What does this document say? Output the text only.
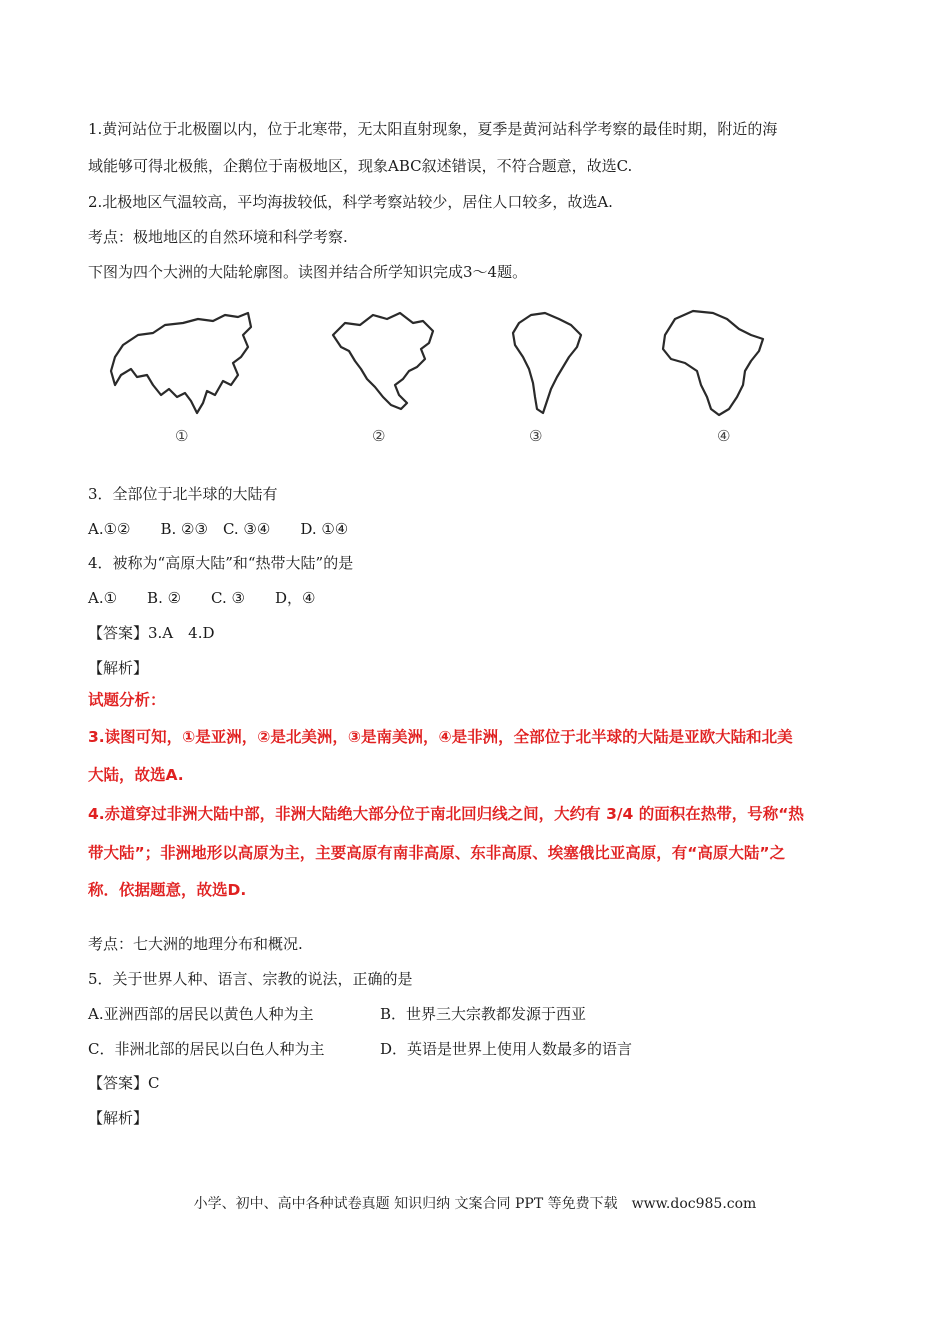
1.黄河站位于北极圈以内，位于北寒带，无太阳直射现象，夏季是黄河站科学考察的最佳时期，附近的海
域能够可得北极熊，企鹅位于南极地区，现象ABC叙述错误，不符合题意，故选C.
2.北极地区气温较高，平均海拔较低，科学考察站较少，居住人口较多，故选A.
考点：极地地区的自然环境和科学考察.
下图为四个大洲的大陆轮廓图。读图并结合所学知识完成3～4题。
①	②	③	④
3．全部位于北半球的大陆有
A.①②　　B. ②③　C. ③④　　D. ①④
4．被称为“高原大陆”和“热带大陆”的是
A.①　　B. ②　　C. ③　　D，④
【答案】3.A　4.D
【解析】
试题分析：
3.读图可知，①是亚洲，②是北美洲，③是南美洲，④是非洲，全部位于北半球的大陆是亚欧大陆和北美
大陆，故选A.
4.赤道穿过非洲大陆中部，非洲大陆绝大部分位于南北回归线之间，大约有 3/4 的面积在热带，号称“热
带大陆”；非洲地形以高原为主，主要高原有南非高原、东非高原、埃塞俄比亚高原，有“高原大陆”之
称．依据题意，故选D.
考点：七大洲的地理分布和概况.
5．关于世界人种、语言、宗教的说法，正确的是
A.亚洲西部的居民以黄色人种为主	B．世界三大宗教都发源于西亚
C．非洲北部的居民以白色人种为主	D．英语是世界上使用人数最多的语言
【答案】C
【解析】
小学、初中、高中各种试卷真题 知识归纳 文案合同 PPT 等免费下载　www.doc985.com
